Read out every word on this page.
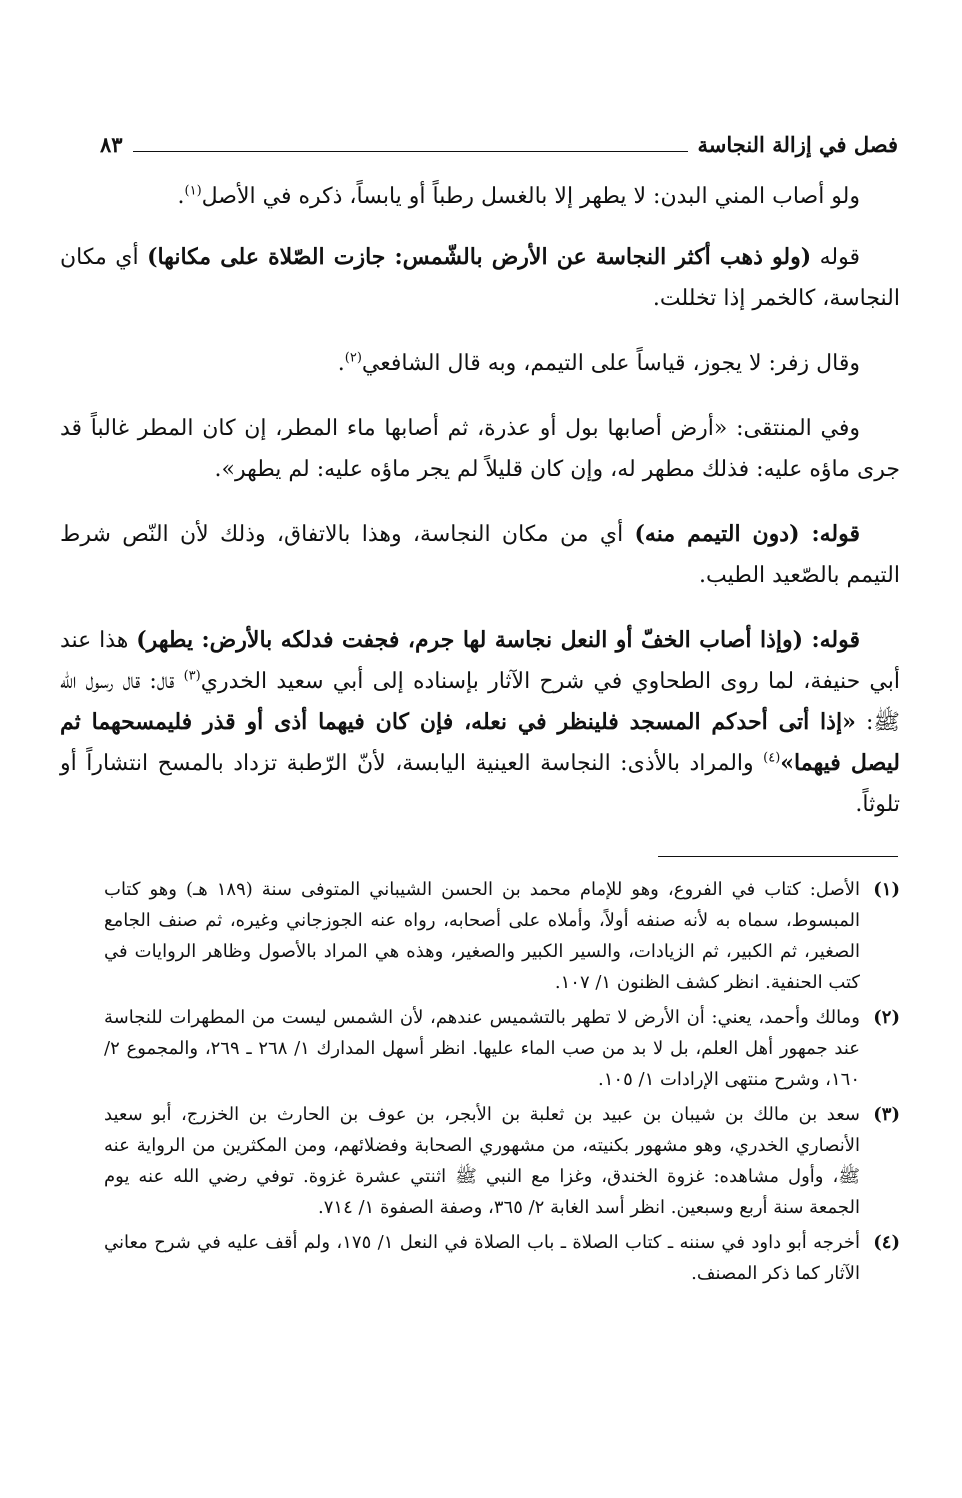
فصل في إزالة النجاسة
٨٣

ولو أصاب المني البدن: لا يطهر إلا بالغسل رطباً أو يابساً، ذكره في الأصل$^{(١)}$.

قوله (ولو ذهب أكثر النجاسة عن الأرض بالشّمس: جازت الصّلاة على مكانها) أي مكان النجاسة، كالخمر إذا تخللت.

وقال زفر: لا يجوز، قياساً على التيمم، وبه قال الشافعي$^{(٢)}$.

وفي المنتقى: «أرض أصابها بول أو عذرة، ثم أصابها ماء المطر، إن كان المطر غالباً قد جرى ماؤه عليه: فذلك مطهر له، وإن كان قليلاً لم يجر ماؤه عليه: لم يطهر».

قوله: (دون التيمم منه) أي من مكان النجاسة، وهذا بالاتفاق، وذلك لأن النّص شرط التيمم بالصّعيد الطيب.

قوله: (وإذا أصاب الخفّ أو النعل نجاسة لها جرم، فجفت فدلكه بالأرض: يطهر) هذا عند أبي حنيفة، لما روى الطحاوي في شرح الآثار بإسناده إلى أبي سعيد الخدري$^{(٣)}$ قال: قال رسول الله ﷺ: «إذا أتى أحدكم المسجد فلينظر في نعله، فإن كان فيهما أذى أو قذر فليمسحهما ثم ليصل فيهما»$^{(٤)}$ والمراد بالأذى: النجاسة العينية اليابسة، لأنّ الرّطبة تزداد بالمسح انتشاراً أو تلوثاً.

(١)
الأصل: كتاب في الفروع، وهو للإمام محمد بن الحسن الشيباني المتوفى سنة (١٨٩ هـ) وهو كتاب المبسوط، سماه به لأنه صنفه أولاً، وأملاه على أصحابه، رواه عنه الجوزجاني وغيره، ثم صنف الجامع الصغير، ثم الكبير، ثم الزيادات، والسير الكبير والصغير، وهذه هي المراد بالأصول وظاهر الروايات في كتب الحنفية. انظر كشف الظنون ١/ ١٠٧.
(٢)
ومالك وأحمد، يعني: أن الأرض لا تطهر بالتشميس عندهم، لأن الشمس ليست من المطهرات للنجاسة عند جمهور أهل العلم، بل لا بد من صب الماء عليها. انظر أسهل المدارك ١/ ٢٦٨ ـ ٢٦٩، والمجموع ٢/ ١٦٠، وشرح منتهى الإرادات ١/ ١٠٥.
(٣)
سعد بن مالك بن شيبان بن عبيد بن ثعلبة بن الأبجر، بن عوف بن الحارث بن الخزرج، أبو سعيد الأنصاري الخدري، وهو مشهور بكنيته، من مشهوري الصحابة وفضلائهم، ومن المكثرين من الرواية عنه ﷺ، وأول مشاهده: غزوة الخندق، وغزا مع النبي ﷺ اثنتي عشرة غزوة. توفي رضي الله عنه يوم الجمعة سنة أربع وسبعين. انظر أسد الغابة ٢/ ٣٦٥، وصفة الصفوة ١/ ٧١٤.
(٤)
أخرجه أبو داود في سننه ـ كتاب الصلاة ـ باب الصلاة في النعل ١/ ١٧٥، ولم أقف عليه في شرح معاني الآثار كما ذكر المصنف.
